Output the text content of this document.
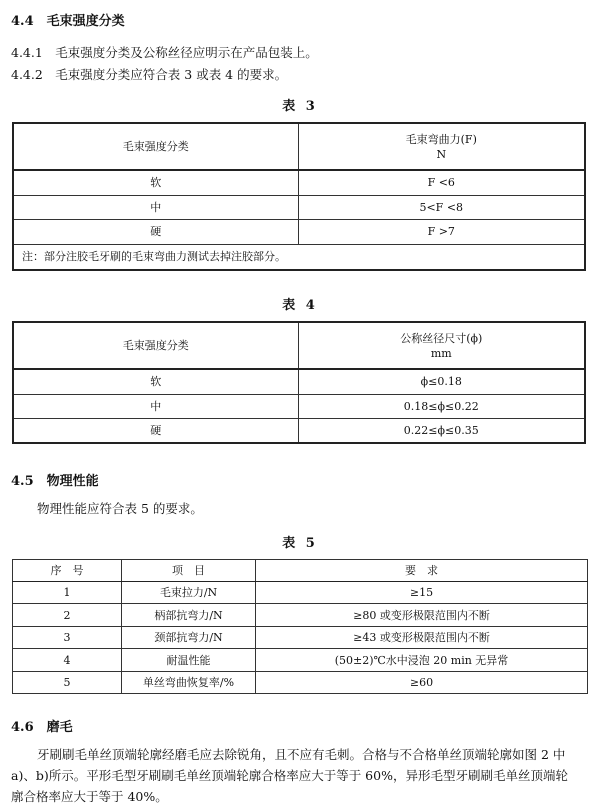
4.4　毛束强度分类
4.4.1　毛束强度分类及公称丝径应明示在产品包装上。
4.4.2　毛束强度分类应符合表 3 或表 4 的要求。
表 3
毛束强度分类	毛束弯曲力(F)
N

软	F <6
中	5<F <8
硬	F >7
注：部分注胶毛牙刷的毛束弯曲力测试去掉注胶部分。	
表 4
毛束强度分类	公称丝径尺寸(ϕ)
mm

软	ϕ≤0.18
中	0.18≤ϕ≤0.22
硬	0.22≤ϕ≤0.35
4.5　物理性能
物理性能应符合表 5 的要求。
表 5
序　号	项　目	要　求
1	毛束拉力/N	≥15
2	柄部抗弯力/N	≥80 或变形极限范围内不断
3	颈部抗弯力/N	≥43 或变形极限范围内不断
4	耐温性能	(50±2)℃水中浸泡 20 min 无异常
5	单丝弯曲恢复率/%	≥60
4.6　磨毛
牙刷刷毛单丝顶端轮廓经磨毛应去除锐角，且不应有毛刺。合格与不合格单丝顶端轮廓如图 2 中
a)、b)所示。平形毛型牙刷刷毛单丝顶端轮廓合格率应大于等于 60%，异形毛型牙刷刷毛单丝顶端轮
廓合格率应大于等于 40%。
